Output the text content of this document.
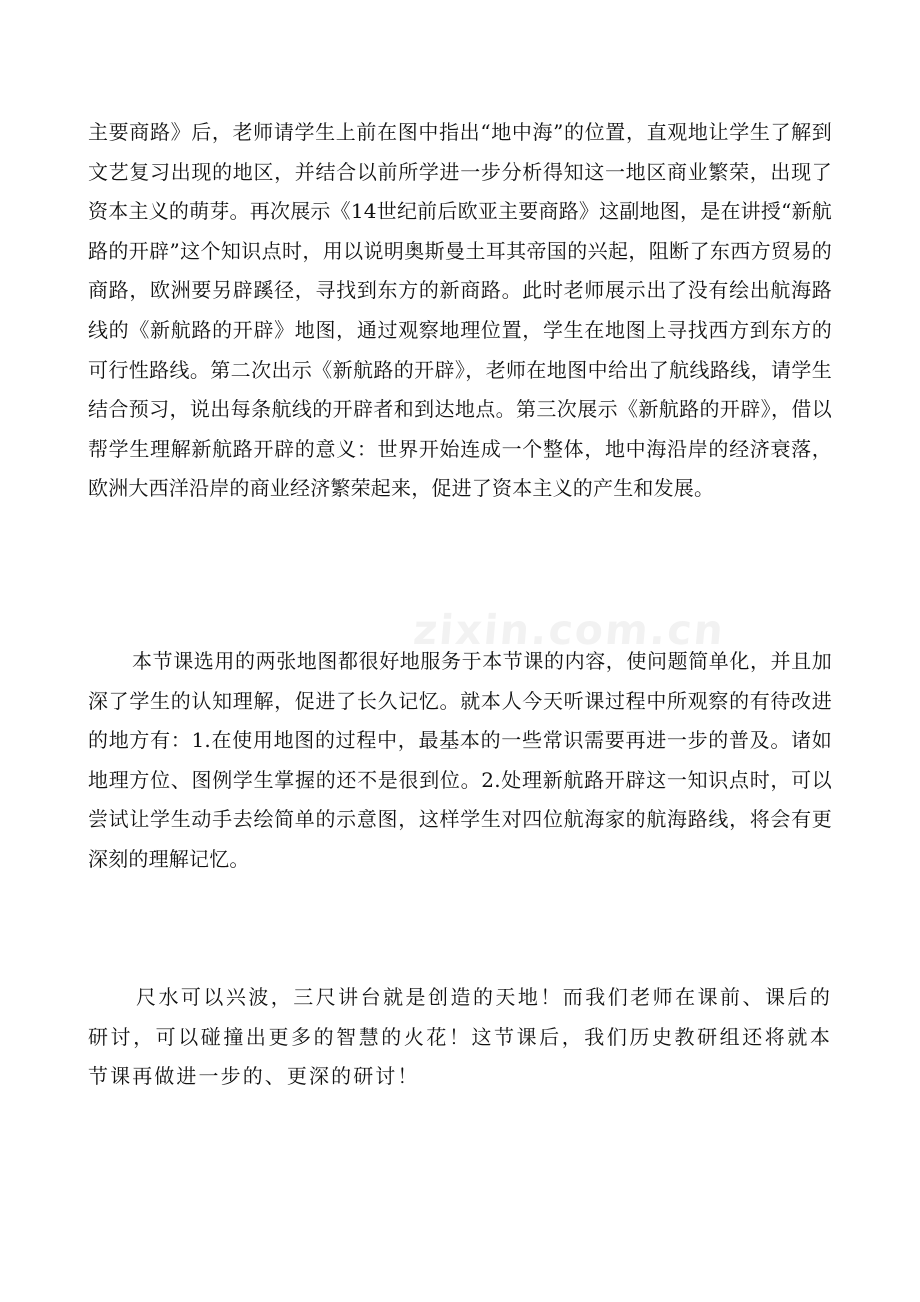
主要商路》后，老师请学生上前在图中指出“地中海”的位置，直观地让学生了解到文艺复习出现的地区，并结合以前所学进一步分析得知这一地区商业繁荣，出现了资本主义的萌芽。再次展示《14世纪前后欧亚主要商路》这副地图，是在讲授“新航路的开辟”这个知识点时，用以说明奥斯曼土耳其帝国的兴起，阻断了东西方贸易的商路，欧洲要另辟蹊径，寻找到东方的新商路。此时老师展示出了没有绘出航海路线的《新航路的开辟》地图，通过观察地理位置，学生在地图上寻找西方到东方的可行性路线。第二次出示《新航路的开辟》，老师在地图中给出了航线路线，请学生结合预习，说出每条航线的开辟者和到达地点。第三次展示《新航路的开辟》，借以帮学生理解新航路开辟的意义：世界开始连成一个整体，地中海沿岸的经济衰落，欧洲大西洋沿岸的商业经济繁荣起来，促进了资本主义的产生和发展。

本节课选用的两张地图都很好地服务于本节课的内容，使问题简单化，并且加深了学生的认知理解，促进了长久记忆。就本人今天听课过程中所观察的有待改进的地方有：1.在使用地图的过程中，最基本的一些常识需要再进一步的普及。诸如地理方位、图例学生掌握的还不是很到位。2.处理新航路开辟这一知识点时，可以尝试让学生动手去绘简单的示意图，这样学生对四位航海家的航海路线，将会有更深刻的理解记忆。

尺水可以兴波，三尺讲台就是创造的天地！而我们老师在课前、课后的研讨，可以碰撞出更多的智慧的火花！这节课后，我们历史教研组还将就本节课再做进一步的、更深的研讨！

zixin.com.cn
